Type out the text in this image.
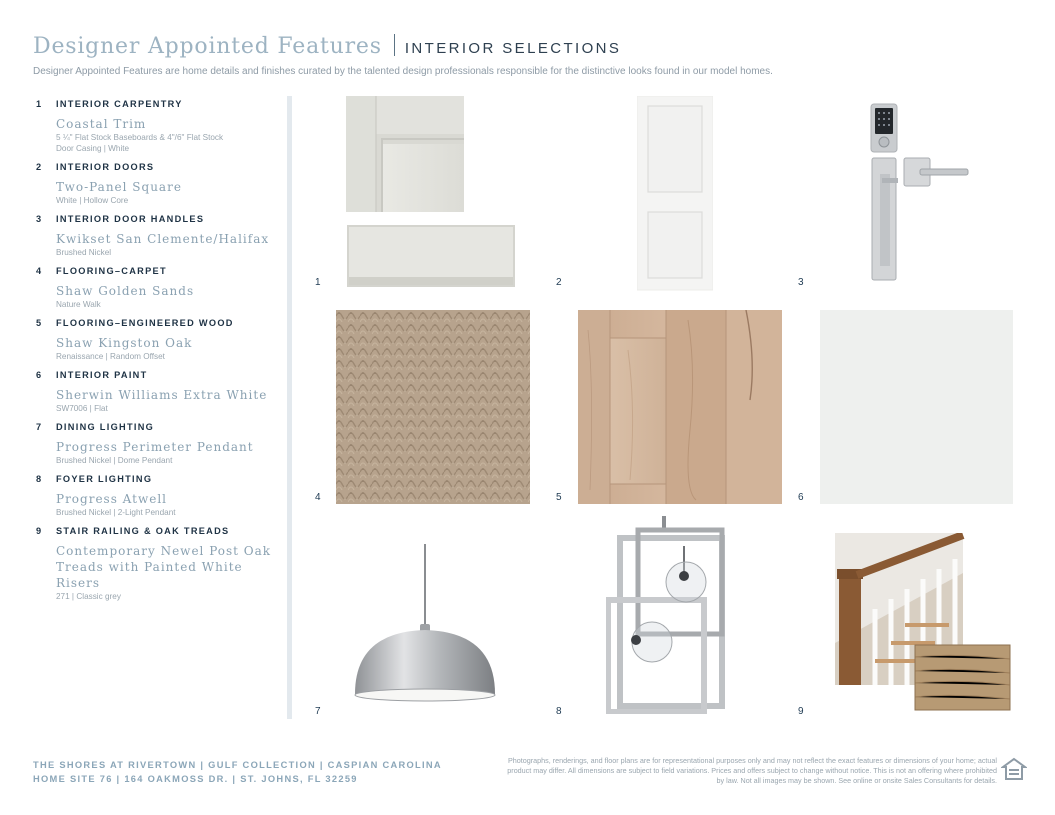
Designer Appointed Features INTERIOR SELECTIONS
Designer Appointed Features are home details and finishes curated by the talented design professionals responsible for the distinctive looks found in our model homes.
1	INTERIOR CARPENTRY
Coastal Trim
5 ¼" Flat Stock Baseboards & 4"/6" Flat Stock
Door Casing | White
2	INTERIOR DOORS
Two-Panel Square
White | Hollow Core
3	INTERIOR DOOR HANDLES
Kwikset San Clemente/Halifax
Brushed Nickel
4	FLOORING–CARPET
Shaw Golden Sands
Nature Walk
5	FLOORING–ENGINEERED WOOD
Shaw Kingston Oak
Renaissance | Random Offset
6	INTERIOR PAINT
Sherwin Williams Extra White
SW7006 | Flat
7	DINING LIGHTING
Progress Perimeter Pendant
Brushed Nickel | Dome Pendant
8	FOYER LIGHTING
Progress Atwell
Brushed Nickel | 2-Light Pendant
9	STAIR RAILING & OAK TREADS
Contemporary Newel Post Oak Treads with Painted White Risers
271 | Classic grey
1	2	3
4	5	6
7	8	9
THE SHORES AT RIVERTOWN | GULF COLLECTION | CASPIAN CAROLINA
HOME SITE 76 | 164 OAKMOSS DR. | ST. JOHNS, FL 32259
Photographs, renderings, and floor plans are for representational purposes only and may not reflect the exact features or dimensions of your home; actual product may differ. All dimensions are subject to field variations. Prices and offers subject to change without notice. This is not an offering where prohibited by law. Not all images may be shown. See online or onsite Sales Consultants for details.
